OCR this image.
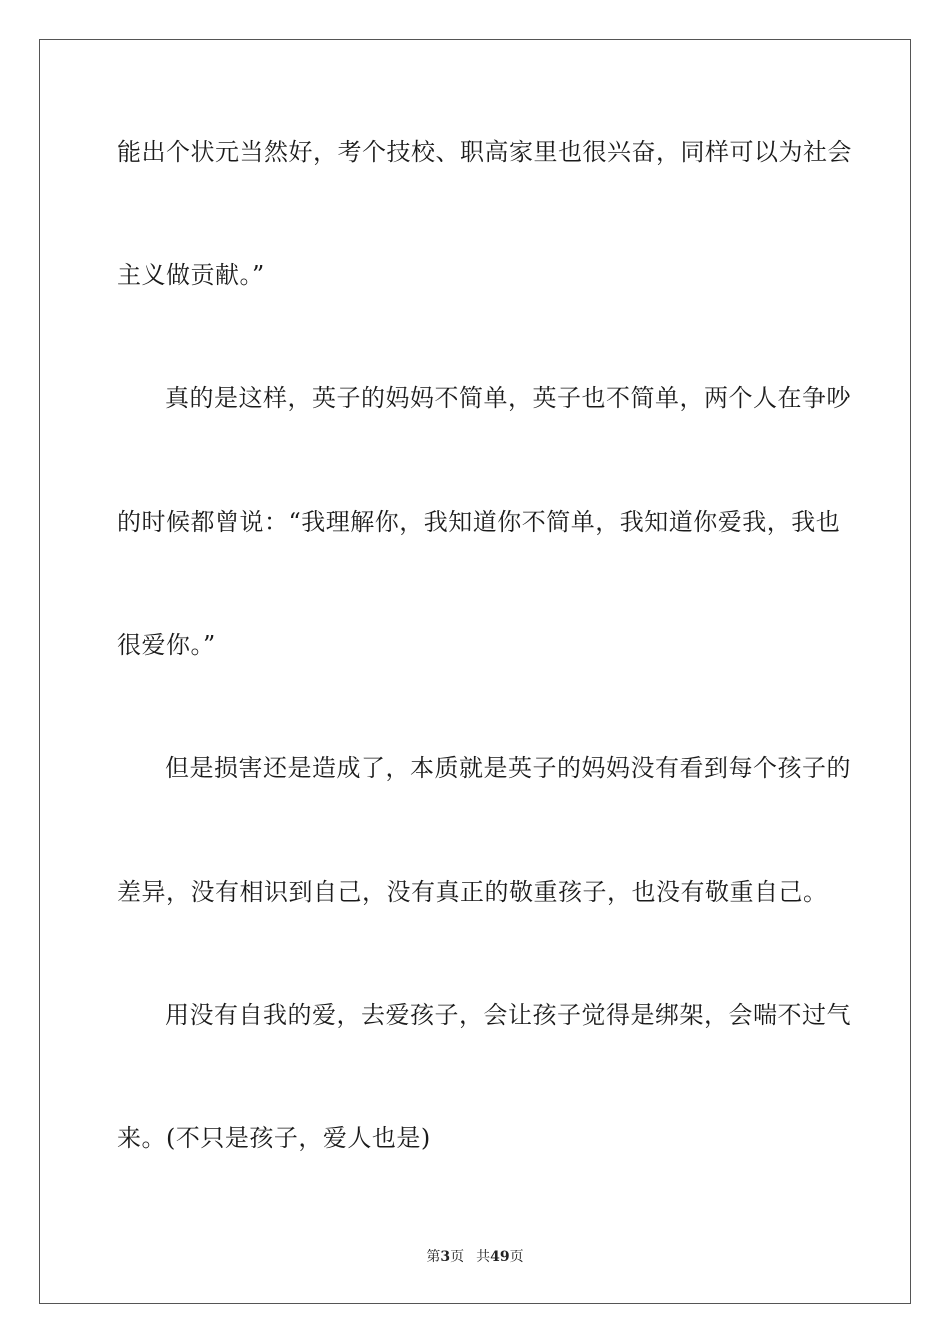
能出个状元当然好，考个技校、职高家里也很兴奋，同样可以为社会
主义做贡献。”
真的是这样，英子的妈妈不简单，英子也不简单，两个人在争吵
的时候都曾说：“我理解你，我知道你不简单，我知道你爱我，我也
很爱你。”
但是损害还是造成了，本质就是英子的妈妈没有看到每个孩子的
差异，没有相识到自己，没有真正的敬重孩子，也没有敬重自己。
用没有自我的爱，去爱孩子，会让孩子觉得是绑架，会喘不过气
来。(不只是孩子，爱人也是)
第3页 共49页
